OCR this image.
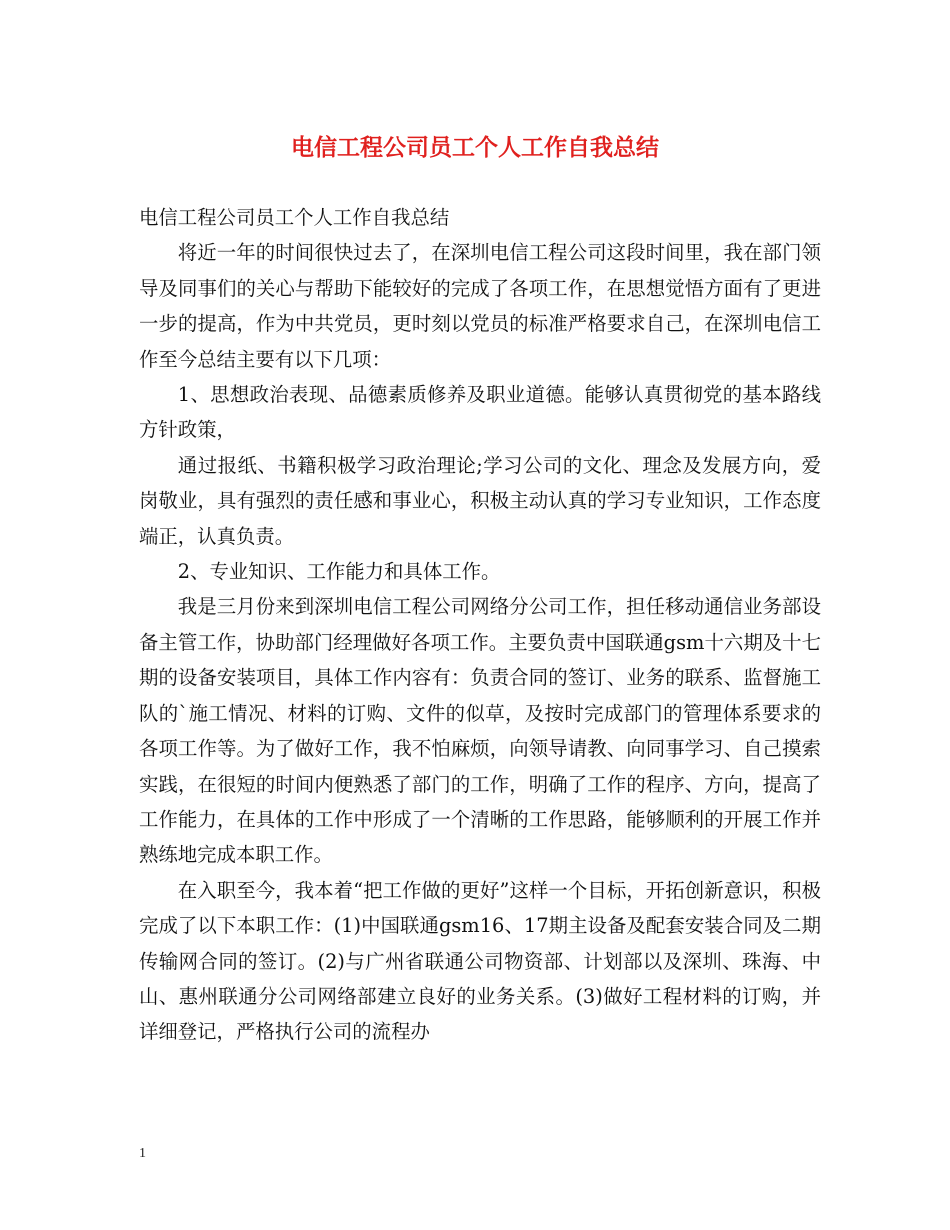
电信工程公司员工个人工作自我总结

电信工程公司员工个人工作自我总结

将近一年的时间很快过去了，在深圳电信工程公司这段时间里，我在部门领导及同事们的关心与帮助下能较好的完成了各项工作，在思想觉悟方面有了更进一步的提高，作为中共党员，更时刻以党员的标准严格要求自己，在深圳电信工作至今总结主要有以下几项：

1、思想政治表现、品德素质修养及职业道德。能够认真贯彻党的基本路线方针政策，

通过报纸、书籍积极学习政治理论;学习公司的文化、理念及发展方向，爱岗敬业，具有强烈的责任感和事业心，积极主动认真的学习专业知识，工作态度端正，认真负责。

2、专业知识、工作能力和具体工作。

我是三月份来到深圳电信工程公司网络分公司工作，担任移动通信业务部设备主管工作，协助部门经理做好各项工作。主要负责中国联通gsm十六期及十七期的设备安装项目，具体工作内容有：负责合同的签订、业务的联系、监督施工队的`施工情况、材料的订购、文件的似草，及按时完成部门的管理体系要求的各项工作等。为了做好工作，我不怕麻烦，向领导请教、向同事学习、自己摸索实践，在很短的时间内便熟悉了部门的工作，明确了工作的程序、方向，提高了工作能力，在具体的工作中形成了一个清晰的工作思路，能够顺利的开展工作并熟练地完成本职工作。

在入职至今，我本着“把工作做的更好”这样一个目标，开拓创新意识，积极完成了以下本职工作：(1)中国联通gsm16、17期主设备及配套安装合同及二期传输网合同的签订。(2)与广州省联通公司物资部、计划部以及深圳、珠海、中山、惠州联通分公司网络部建立良好的业务关系。(3)做好工程材料的订购，并详细登记，严格执行公司的流程办

1
